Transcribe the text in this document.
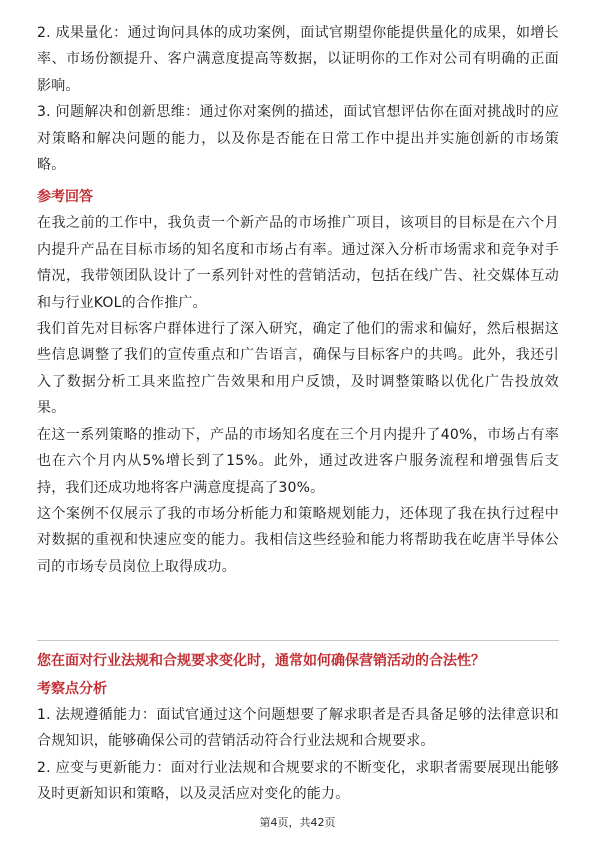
2. 成果量化：通过询问具体的成功案例，面试官期望你能提供量化的成果，如增长率、市场份额提升、客户满意度提高等数据，以证明你的工作对公司有明确的正面影响。

3. 问题解决和创新思维：通过你对案例的描述，面试官想评估你在面对挑战时的应对策略和解决问题的能力，以及你是否能在日常工作中提出并实施创新的市场策略。

参考回答

在我之前的工作中，我负责一个新产品的市场推广项目，该项目的目标是在六个月内提升产品在目标市场的知名度和市场占有率。通过深入分析市场需求和竞争对手情况，我带领团队设计了一系列针对性的营销活动，包括在线广告、社交媒体互动和与行业KOL的合作推广。

我们首先对目标客户群体进行了深入研究，确定了他们的需求和偏好，然后根据这些信息调整了我们的宣传重点和广告语言，确保与目标客户的共鸣。此外，我还引入了数据分析工具来监控广告效果和用户反馈，及时调整策略以优化广告投放效果。

在这一系列策略的推动下，产品的市场知名度在三个月内提升了40%，市场占有率也在六个月内从5%增长到了15%。此外，通过改进客户服务流程和增强售后支持，我们还成功地将客户满意度提高了30%。

这个案例不仅展示了我的市场分析能力和策略规划能力，还体现了我在执行过程中对数据的重视和快速应变的能力。我相信这些经验和能力将帮助我在屹唐半导体公司的市场专员岗位上取得成功。

您在面对行业法规和合规要求变化时，通常如何确保营销活动的合法性？

考察点分析

1. 法规遵循能力：面试官通过这个问题想要了解求职者是否具备足够的法律意识和合规知识，能够确保公司的营销活动符合行业法规和合规要求。

2. 应变与更新能力：面对行业法规和合规要求的不断变化，求职者需要展现出能够及时更新知识和策略，以及灵活应对变化的能力。

第4页，共42页
